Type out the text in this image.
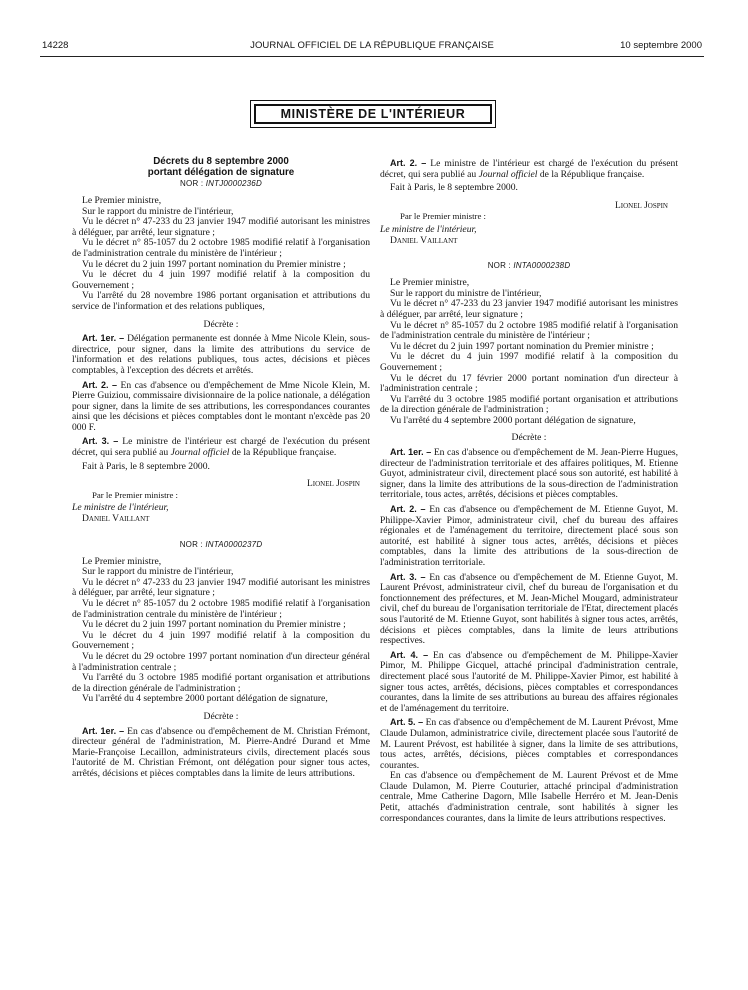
14228	JOURNAL OFFICIEL DE LA RÉPUBLIQUE FRANÇAISE	10 septembre 2000
MINISTÈRE DE L'INTÉRIEUR
Décrets du 8 septembre 2000
portant délégation de signature
NOR : INTJ0000236D

Le Premier ministre,

Sur le rapport du ministre de l'intérieur,

Vu le décret n° 47-233 du 23 janvier 1947 modifié autorisant les ministres à déléguer, par arrêté, leur signature ;

Vu le décret n° 85-1057 du 2 octobre 1985 modifié relatif à l'organisation de l'administration centrale du ministère de l'intérieur ;

Vu le décret du 2 juin 1997 portant nomination du Premier ministre ;

Vu le décret du 4 juin 1997 modifié relatif à la composition du Gouvernement ;

Vu l'arrêté du 28 novembre 1986 portant organisation et attributions du service de l'information et des relations publiques,

Décrète :

Art. 1er. – Délégation permanente est donnée à Mme Nicole Klein, sous-directrice, pour signer, dans la limite des attributions du service de l'information et des relations publiques, tous actes, décisions et pièces comptables, à l'exception des décrets et arrêtés.

Art. 2. – En cas d'absence ou d'empêchement de Mme Nicole Klein, M. Pierre Guiziou, commissaire divisionnaire de la police nationale, a délégation pour signer, dans la limite de ses attributions, les correspondances courantes ainsi que les décisions et pièces comptables dont le montant n'excède pas 20 000 F.

Art. 3. – Le ministre de l'intérieur est chargé de l'exécution du présent décret, qui sera publié au Journal officiel de la République française.

Fait à Paris, le 8 septembre 2000.

Lionel Jospin
Par le Premier ministre :
Le ministre de l'intérieur,
Daniel Vaillant
NOR : INTA0000237D

Le Premier ministre,

Sur le rapport du ministre de l'intérieur,

Vu le décret n° 47-233 du 23 janvier 1947 modifié autorisant les ministres à déléguer, par arrêté, leur signature ;

Vu le décret n° 85-1057 du 2 octobre 1985 modifié relatif à l'organisation de l'administration centrale du ministère de l'intérieur ;

Vu le décret du 2 juin 1997 portant nomination du Premier ministre ;

Vu le décret du 4 juin 1997 modifié relatif à la composition du Gouvernement ;

Vu le décret du 29 octobre 1997 portant nomination d'un directeur général à l'administration centrale ;

Vu l'arrêté du 3 octobre 1985 modifié portant organisation et attributions de la direction générale de l'administration ;

Vu l'arrêté du 4 septembre 2000 portant délégation de signature,

Décrète :

Art. 1er. – En cas d'absence ou d'empêchement de M. Christian Frémont, directeur général de l'administration, M. Pierre-André Durand et Mme Marie-Françoise Lecaillon, administrateurs civils, directement placés sous l'autorité de M. Christian Frémont, ont délégation pour signer tous actes, arrêtés, décisions et pièces comptables dans la limite de leurs attributions.

Art. 2. – Le ministre de l'intérieur est chargé de l'exécution du présent décret, qui sera publié au Journal officiel de la République française.

Fait à Paris, le 8 septembre 2000.

Lionel Jospin
Par le Premier ministre :
Le ministre de l'intérieur,
Daniel Vaillant
NOR : INTA0000238D

Le Premier ministre,

Sur le rapport du ministre de l'intérieur,

Vu le décret n° 47-233 du 23 janvier 1947 modifié autorisant les ministres à déléguer, par arrêté, leur signature ;

Vu le décret n° 85-1057 du 2 octobre 1985 modifié relatif à l'organisation de l'administration centrale du ministère de l'intérieur ;

Vu le décret du 2 juin 1997 portant nomination du Premier ministre ;

Vu le décret du 4 juin 1997 modifié relatif à la composition du Gouvernement ;

Vu le décret du 17 février 2000 portant nomination d'un directeur à l'administration centrale ;

Vu l'arrêté du 3 octobre 1985 modifié portant organisation et attributions de la direction générale de l'administration ;

Vu l'arrêté du 4 septembre 2000 portant délégation de signature,

Décrète :

Art. 1er. – En cas d'absence ou d'empêchement de M. Jean-Pierre Hugues, directeur de l'administration territoriale et des affaires politiques, M. Etienne Guyot, administrateur civil, directement placé sous son autorité, est habilité à signer, dans la limite des attributions de la sous-direction de l'administration territoriale, tous actes, arrêtés, décisions et pièces comptables.

Art. 2. – En cas d'absence ou d'empêchement de M. Etienne Guyot, M. Philippe-Xavier Pimor, administrateur civil, chef du bureau des affaires régionales et de l'aménagement du territoire, directement placé sous son autorité, est habilité à signer tous actes, arrêtés, décisions et pièces comptables, dans la limite des attributions de la sous-direction de l'administration territoriale.

Art. 3. – En cas d'absence ou d'empêchement de M. Etienne Guyot, M. Laurent Prévost, administrateur civil, chef du bureau de l'organisation et du fonctionnement des préfectures, et M. Jean-Michel Mougard, administrateur civil, chef du bureau de l'organisation territoriale de l'Etat, directement placés sous l'autorité de M. Etienne Guyot, sont habilités à signer tous actes, arrêtés, décisions et pièces comptables, dans la limite de leurs attributions respectives.

Art. 4. – En cas d'absence ou d'empêchement de M. Philippe-Xavier Pimor, M. Philippe Gicquel, attaché principal d'administration centrale, directement placé sous l'autorité de M. Philippe-Xavier Pimor, est habilité à signer tous actes, arrêtés, décisions, pièces comptables et correspondances courantes, dans la limite de ses attributions au bureau des affaires régionales et de l'aménagement du territoire.

Art. 5. – En cas d'absence ou d'empêchement de M. Laurent Prévost, Mme Claude Dulamon, administratrice civile, directement placée sous l'autorité de M. Laurent Prévost, est habilitée à signer, dans la limite de ses attributions, tous actes, arrêtés, décisions, pièces comptables et correspondances courantes.

En cas d'absence ou d'empêchement de M. Laurent Prévost et de Mme Claude Dulamon, M. Pierre Couturier, attaché principal d'administration centrale, Mme Catherine Dagorn, Mlle Isabelle Herréro et M. Jean-Denis Petit, attachés d'administration centrale, sont habilités à signer les correspondances courantes, dans la limite de leurs attributions respectives.
